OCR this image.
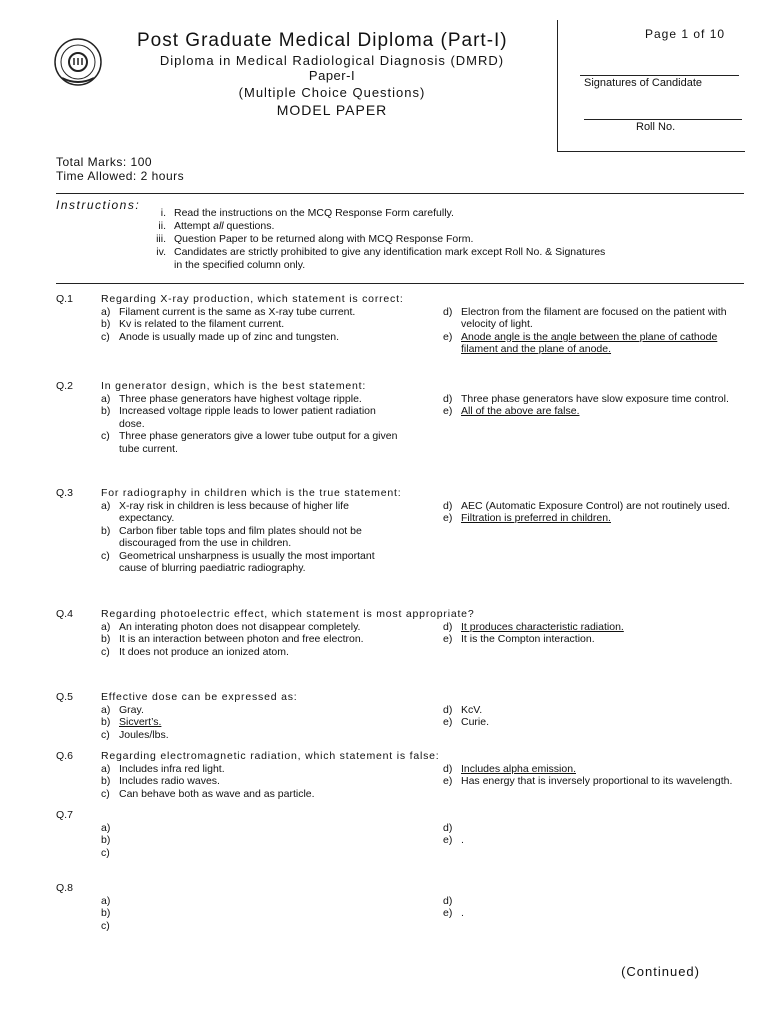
Post Graduate Medical Diploma (Part-I)
Diploma in Medical Radiological Diagnosis (DMRD)
Paper-I
(Multiple Choice Questions)
MODEL PAPER
Page 1 of 10
Signatures of Candidate
Roll No.
Total Marks: 100
Time Allowed: 2 hours
Instructions:
i. Read the instructions on the MCQ Response Form carefully.
ii. Attempt all questions.
iii. Question Paper to be returned along with MCQ Response Form.
iv. Candidates are strictly prohibited to give any identification mark except Roll No. & Signatures in the specified column only.
Q.1	Regarding X-ray production, which statement is correct:
a) Filament current is the same as X-ray tube current.
b) Kv is related to the filament current.
c) Anode is usually made up of zinc and tungsten.
d) Electron from the filament are focused on the patient with velocity of light.
e) Anode angle is the angle between the plane of cathode filament and the plane of anode.
Q.2	In generator design, which is the best statement:
a) Three phase generators have highest voltage ripple.
b) Increased voltage ripple leads to lower patient radiation dose.
c) Three phase generators give a lower tube output for a given tube current.
d) Three phase generators have slow exposure time control.
e) All of the above are false.
Q.3	For radiography in children which is the true statement:
a) X-ray risk in children is less because of higher life expectancy.
b) Carbon fiber table tops and film plates should not be discouraged from the use in children.
c) Geometrical unsharpness is usually the most important cause of blurring paediatric radiography.
d) AEC (Automatic Exposure Control) are not routinely used.
e) Filtration is preferred in children.
Q.4	Regarding photoelectric effect, which statement is most appropriate?
a) An interating photon does not disappear completely.
b) It is an interaction between photon and free electron.
c) It does not produce an ionized atom.
d) It produces characteristic radiation.
e) It is the Compton interaction.
Q.5	Effective dose can be expressed as:
a) Gray.
b) Sicvert’s.
c) Joules/lbs.
d) KcV.
e) Curie.
Q.6	Regarding electromagnetic radiation, which statement is false:
a) Includes infra red light.
b) Includes radio waves.
c) Can behave both as wave and as particle.
d) Includes alpha emission.
e) Has energy that is inversely proportional to its wavelength.
Q.7
a)
b)
c)
d)
e) .
Q.8
a)
b)
c)
d)
e) .
(Continued)
